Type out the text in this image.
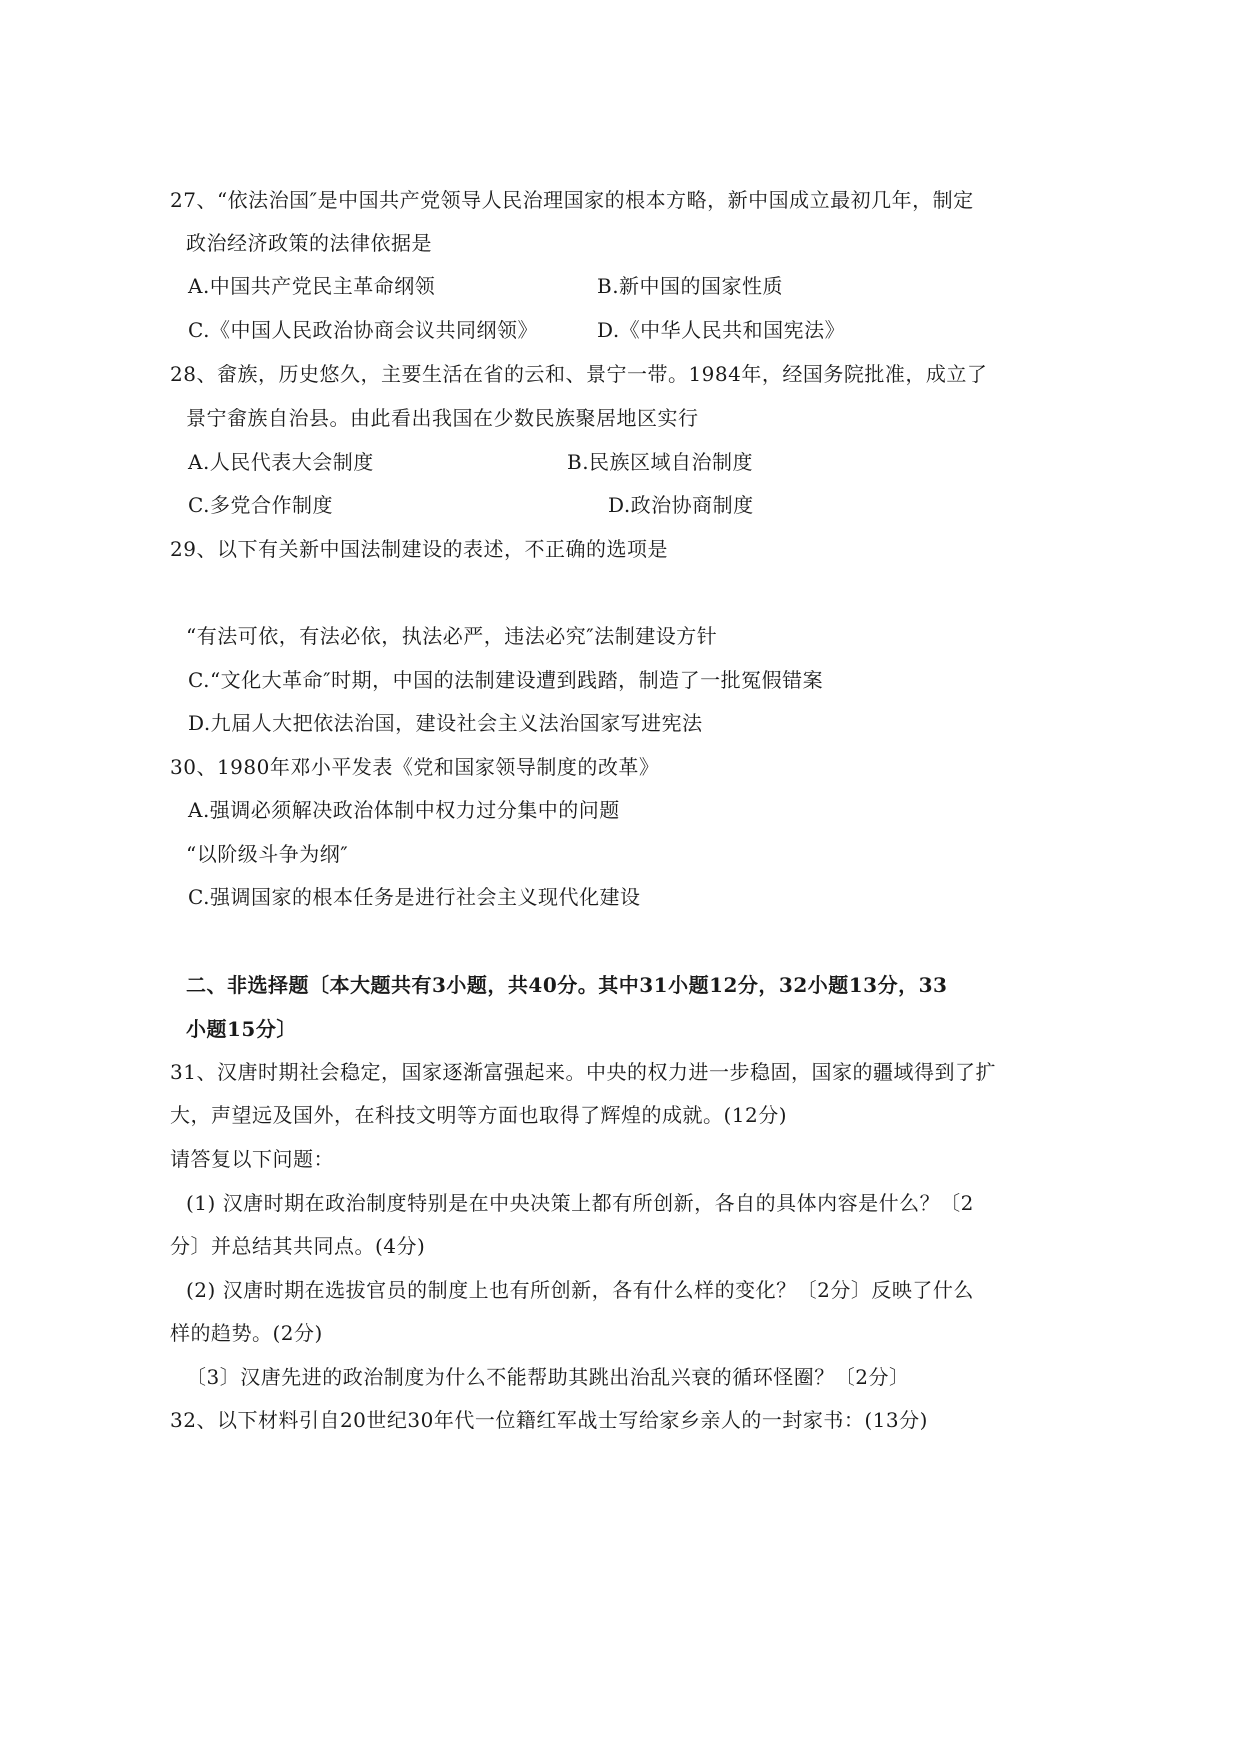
27、“依法治国″是中国共产党领导人民治理国家的根本方略，新中国成立最初几年，制定
政治经济政策的法律依据是
A.中国共产党民主革命纲领	B.新中国的国家性质
C.《中国人民政治协商会议共同纲领》	D.《中华人民共和国宪法》
28、畲族，历史悠久，主要生活在省的云和、景宁一带。1984年，经国务院批准，成立了
景宁畲族自治县。由此看出我国在少数民族聚居地区实行
A.人民代表大会制度	B.民族区域自治制度
C.多党合作制度	D.政治协商制度
29、以下有关新中国法制建设的表述，不正确的选项是
“有法可依，有法必依，执法必严，违法必究″法制建设方针
C.“文化大革命″时期，中国的法制建设遭到践踏，制造了一批冤假错案
D.九届人大把依法治国，建设社会主义法治国家写进宪法
30、1980年邓小平发表《党和国家领导制度的改革》
A.强调必须解决政治体制中权力过分集中的问题
“以阶级斗争为纲″
C.强调国家的根本任务是进行社会主义现代化建设
二、非选择题〔本大题共有3小题，共40分。其中31小题12分，32小题13分，33
小题15分〕
31、汉唐时期社会稳定，国家逐渐富强起来。中央的权力进一步稳固，国家的疆域得到了扩
大，声望远及国外，在科技文明等方面也取得了辉煌的成就。(12分)
请答复以下问题：
(1) 汉唐时期在政治制度特别是在中央决策上都有所创新，各自的具体内容是什么？〔2
分〕并总结其共同点。(4分)
(2) 汉唐时期在选拔官员的制度上也有所创新，各有什么样的变化？〔2分〕反映了什么
样的趋势。(2分)
〔3〕汉唐先进的政治制度为什么不能帮助其跳出治乱兴衰的循环怪圈？〔2分〕
32、以下材料引自20世纪30年代一位籍红军战士写给家乡亲人的一封家书：(13分)
